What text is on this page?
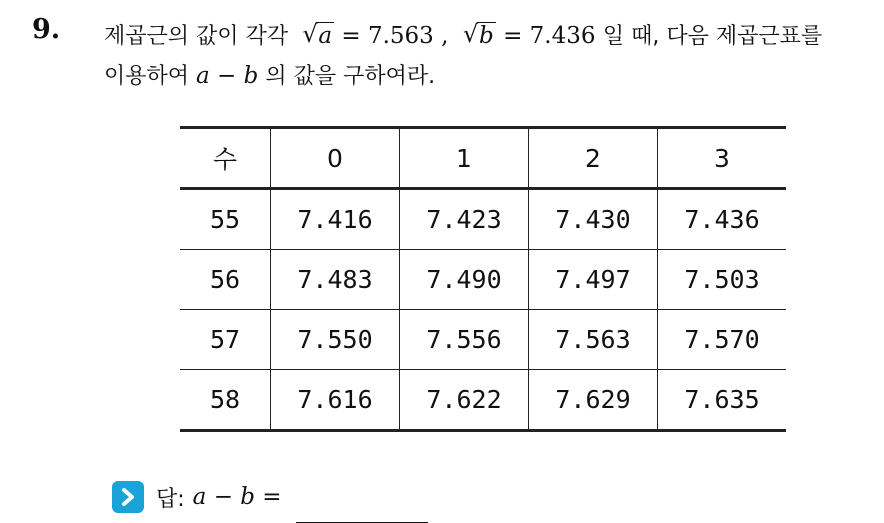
9. 제곱근의 값이 각각 √ a = 7.563 , √ b = 7.436 일 때, 다음 제곱근표를
이용하여 a − b 의 값을 구하여라.
수	0	1	2	3
55	7.416	7.423	7.430	7.436
56	7.483	7.490	7.497	7.503
57	7.550	7.556	7.563	7.570
58	7.616	7.622	7.629	7.635
답: a − b =
